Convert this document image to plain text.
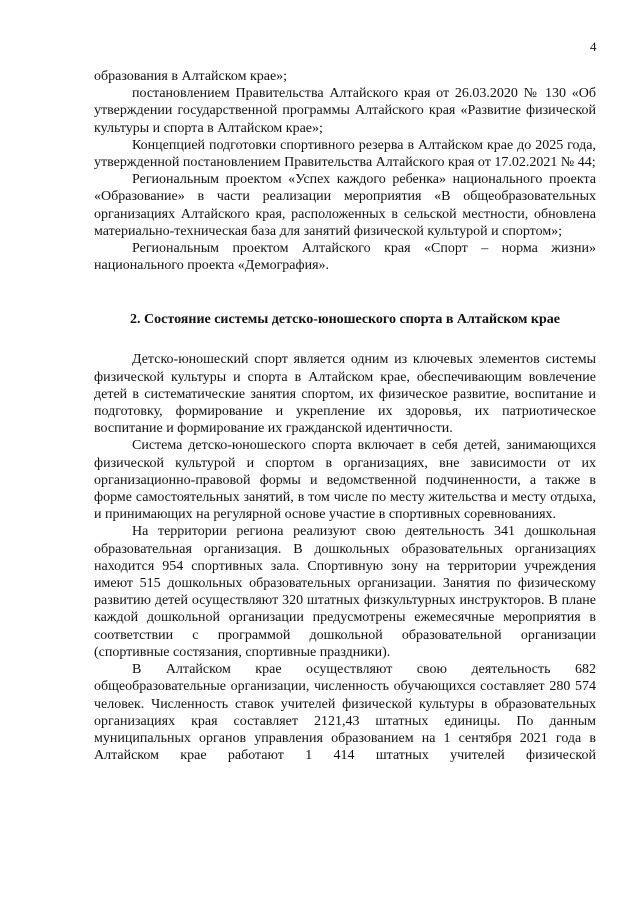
4

образования в Алтайском крае»;

постановлением Правительства Алтайского края от 26.03.2020 № 130 «Об утверждении государственной программы Алтайского края «Развитие физической культуры и спорта в Алтайском крае»;

Концепцией подготовки спортивного резерва в Алтайском крае до 2025 года, утвержденной постановлением Правительства Алтайского края от 17.02.2021 № 44;

Региональным проектом «Успех каждого ребенка» национального проекта «Образование» в части реализации мероприятия «В общеобразовательных организациях Алтайского края, расположенных в сельской местности, обновлена материально-техническая база для занятий физической культурой и спортом»;

Региональным проектом Алтайского края «Спорт – норма жизни» национального проекта «Демография».

2. Состояние системы детско-юношеского спорта в Алтайском крае

Детско-юношеский спорт является одним из ключевых элементов системы физической культуры и спорта в Алтайском крае, обеспечивающим вовлечение детей в систематические занятия спортом, их физическое развитие, воспитание и подготовку, формирование и укрепление их здоровья, их патриотическое воспитание и формирование их гражданской идентичности.

Система детско-юношеского спорта включает в себя детей, занимающихся физической культурой и спортом в организациях, вне зависимости от их организационно-правовой формы и ведомственной подчиненности, а также в форме самостоятельных занятий, в том числе по месту жительства и месту отдыха, и принимающих на регулярной основе участие в спортивных соревнованиях.

На территории региона реализуют свою деятельность 341 дошкольная образовательная организация. В дошкольных образовательных организациях находится 954 спортивных зала. Спортивную зону на территории учреждения имеют 515 дошкольных образовательных организации. Занятия по физическому развитию детей осуществляют 320 штатных физкультурных инструкторов. В плане каждой дошкольной организации предусмотрены ежемесячные мероприятия в соответствии с программой дошкольной образовательной организации (спортивные состязания, спортивные праздники).

В Алтайском крае осуществляют свою деятельность 682 общеобразовательные организации, численность обучающихся составляет 280 574 человек. Численность ставок учителей физической культуры в образовательных организациях края составляет 2121,43 штатных единицы. По данным муниципальных органов управления образованием на 1 сентября 2021 года в Алтайском крае работают 1 414 штатных учителей физической
